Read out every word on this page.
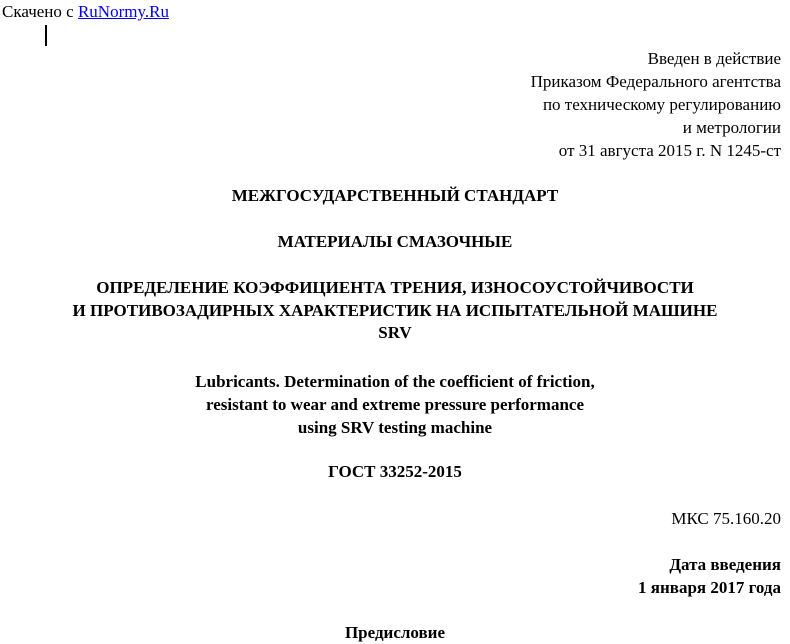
Скачено с RuNormy.Ru
Введен в действие
Приказом Федерального агентства
по техническому регулированию
и метрологии
от 31 августа 2015 г. N 1245-ст
МЕЖГОСУДАРСТВЕННЫЙ СТАНДАРТ
МАТЕРИАЛЫ СМАЗОЧНЫЕ
ОПРЕДЕЛЕНИЕ КОЭФФИЦИЕНТА ТРЕНИЯ, ИЗНОСОУСТОЙЧИВОСТИ
И ПРОТИВОЗАДИРНЫХ ХАРАКТЕРИСТИК НА ИСПЫТАТЕЛЬНОЙ МАШИНЕ
SRV
Lubricants. Determination of the coefficient of friction,
resistant to wear and extreme pressure performance
using SRV testing machine
ГОСТ 33252-2015
МКС 75.160.20
Дата введения
1 января 2017 года
Предисловие
